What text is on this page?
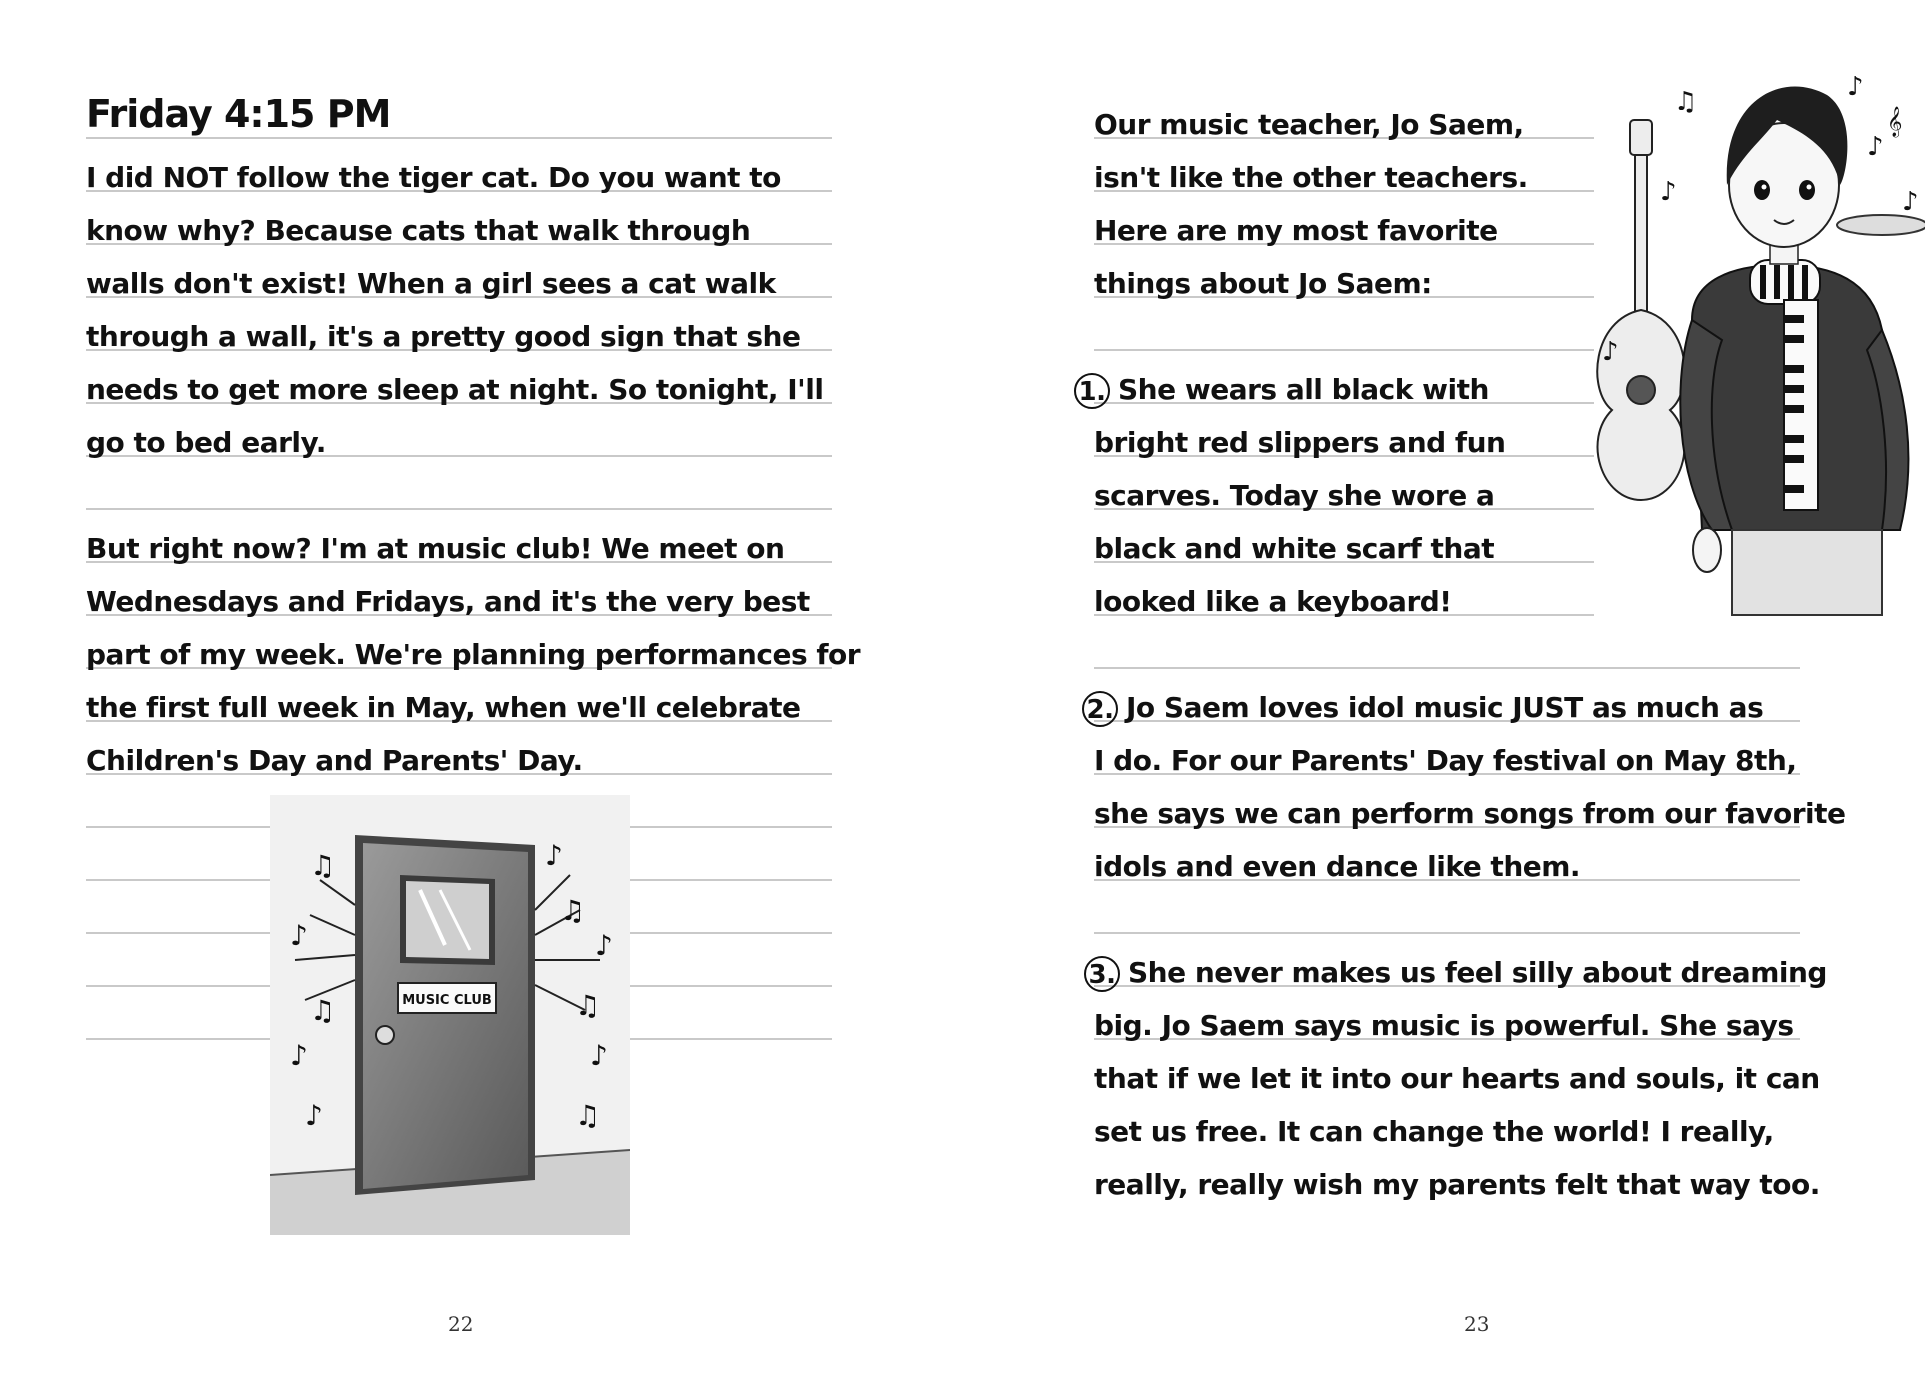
Friday 4:15 PM
I did NOT follow the tiger cat. Do you want to
know why? Because cats that walk through
walls don't exist! When a girl sees a cat walk
through a wall, it's a pretty good sign that she
needs to get more sleep at night. So tonight, I'll
go to bed early.
But right now? I'm at music club! We meet on
Wednesdays and Fridays, and it's the very best
part of my week. We're planning performances for
the first full week in May, when we'll celebrate
Children's Day and Parents' Day.
MUSIC CLUB
♫
♪
♫
♪
♪
♪
♫
♪
♫
♪
♫
22
Our music teacher, Jo Saem,
isn't like the other teachers.
Here are my most favorite
things about Jo Saem:
1. She wears all black with
bright red slippers and fun
scarves. Today she wore a
black and white scarf that
looked like a keyboard!
2. Jo Saem loves idol music JUST as much as
I do. For our Parents' Day festival on May 8th,
she says we can perform songs from our favorite
idols and even dance like them.
3. She never makes us feel silly about dreaming
big. Jo Saem says music is powerful. She says
that if we let it into our hearts and souls, it can
set us free. It can change the world! I really,
really, really wish my parents felt that way too.
♫
♪
♪
𝄞
♪
♪
♪
23
